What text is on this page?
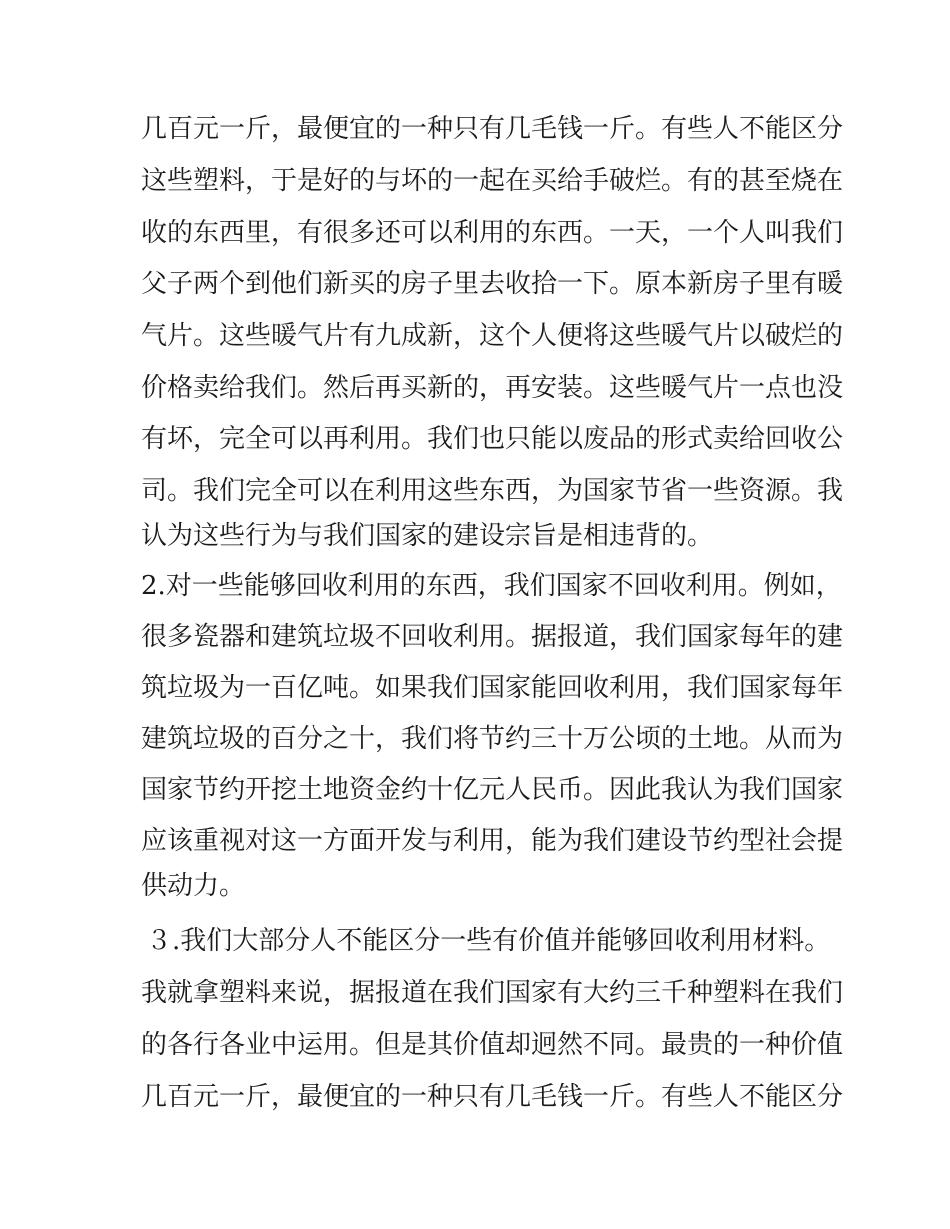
几百元一斤，最便宜的一种只有几毛钱一斤。有些人不能区分
这些塑料，于是好的与坏的一起在买给手破烂。有的甚至烧在
收的东西里，有很多还可以利用的东西。一天，一个人叫我们
父子两个到他们新买的房子里去收拾一下。原本新房子里有暖
气片。这些暖气片有九成新，这个人便将这些暖气片以破烂的
价格卖给我们。然后再买新的，再安装。这些暖气片一点也没
有坏，完全可以再利用。我们也只能以废品的形式卖给回收公
司。我们完全可以在利用这些东西，为国家节省一些资源。我
认为这些行为与我们国家的建设宗旨是相违背的。
2.对一些能够回收利用的东西，我们国家不回收利用。例如，
很多瓷器和建筑垃圾不回收利用。据报道，我们国家每年的建
筑垃圾为一百亿吨。如果我们国家能回收利用，我们国家每年
建筑垃圾的百分之十，我们将节约三十万公顷的土地。从而为
国家节约开挖土地资金约十亿元人民币。因此我认为我们国家
应该重视对这一方面开发与利用，能为我们建设节约型社会提
供动力。
３.我们大部分人不能区分一些有价值并能够回收利用材料。
我就拿塑料来说，据报道在我们国家有大约三千种塑料在我们
的各行各业中运用。但是其价值却迥然不同。最贵的一种价值
几百元一斤，最便宜的一种只有几毛钱一斤。有些人不能区分
